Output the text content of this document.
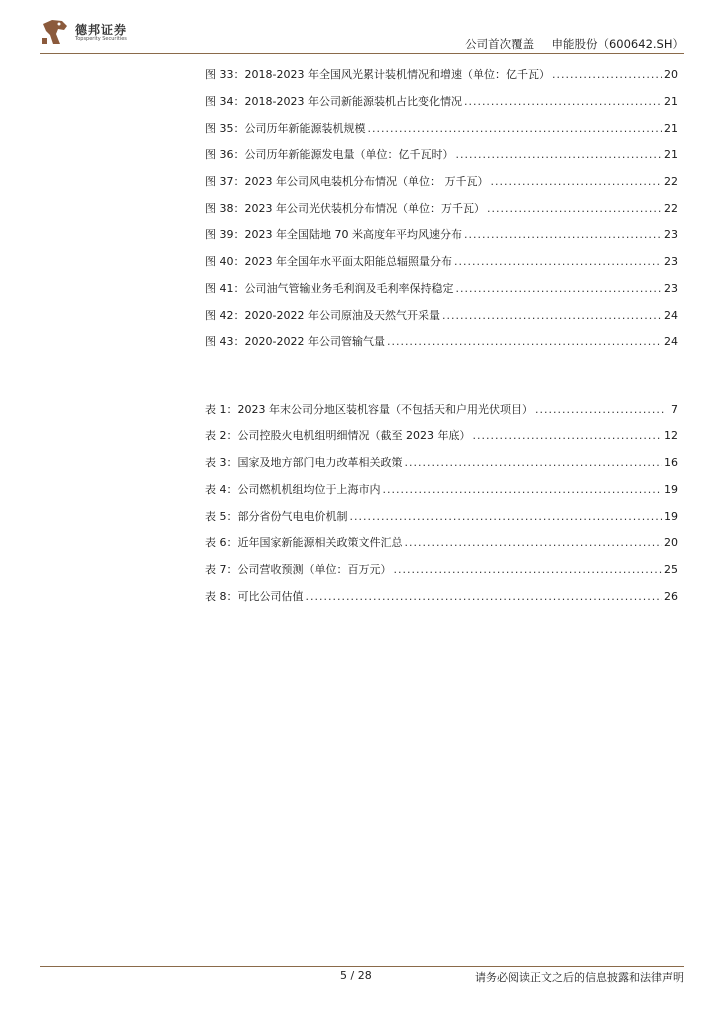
德邦证券
Topsperity Securities	公司首次覆盖 申能股份（600642.SH）
图 33：2018-2023 年全国风光累计装机情况和增速（单位：亿千瓦） .....	20
图 34：2018-2023 年公司新能源装机占比变化情况 .....	21
图 35：公司历年新能源装机规模 .....	21
图 36：公司历年新能源发电量（单位：亿千瓦时） .....	21
图 37：2023 年公司风电装机分布情况（单位： 万千瓦） .....	22
图 38：2023 年公司光伏装机分布情况（单位：万千瓦） .....	22
图 39：2023 年全国陆地 70 米高度年平均风速分布 .....	23
图 40：2023 年全国年水平面太阳能总辐照量分布 .....	23
图 41：公司油气管输业务毛利润及毛利率保持稳定 .....	23
图 42：2020-2022 年公司原油及天然气开采量 .....	24
图 43：2020-2022 年公司管输气量 .....	24
表 1：2023 年末公司分地区装机容量（不包括天和户用光伏项目） .....	7
表 2：公司控股火电机组明细情况（截至 2023 年底） .....	12
表 3：国家及地方部门电力改革相关政策 .....	16
表 4：公司燃机机组均位于上海市内 .....	19
表 5：部分省份气电电价机制 .....	19
表 6：近年国家新能源相关政策文件汇总 .....	20
表 7：公司营收预测（单位：百万元） .....	25
表 8：可比公司估值 .....	26
5 / 28	请务必阅读正文之后的信息披露和法律声明
